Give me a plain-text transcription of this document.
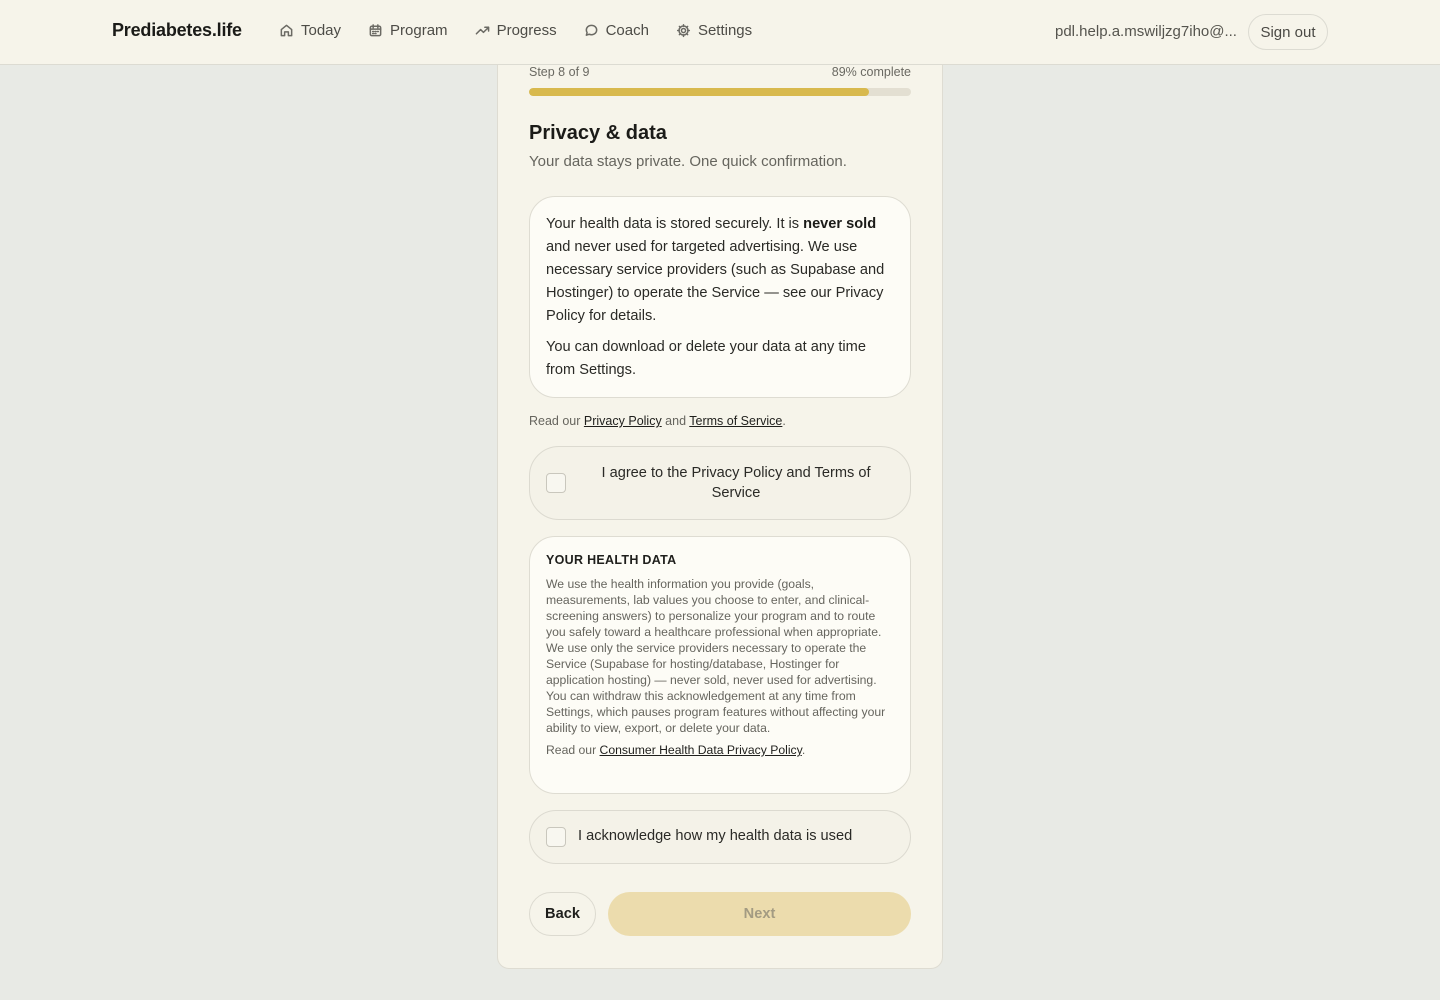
Prediabetes.life	Today	Program	Progress	Coach	Settings	pdl.help.a.mswiljzg7iho@...	Sign out
Step 8 of 9	89% complete
Privacy & data

Your data stays private. One quick confirmation.

Your health data is stored securely. It is never sold and never used for targeted advertising. We use necessary service providers (such as Supabase and Hostinger) to operate the Service — see our Privacy Policy for details.

You can download or delete your data at any time from Settings.

Read our Privacy Policy and Terms of Service.
I agree to the Privacy Policy and Terms of Service
YOUR HEALTH DATA
We use the health information you provide (goals, measurements, lab values you choose to enter, and clinical-screening answers) to personalize your program and to route you safely toward a healthcare professional when appropriate. We use only the service providers necessary to operate the Service (Supabase for hosting/database, Hostinger for application hosting) — never sold, never used for advertising. You can withdraw this acknowledgement at any time from Settings, which pauses program features without affecting your ability to view, export, or delete your data.
Read our Consumer Health Data Privacy Policy.
I acknowledge how my health data is used
Back	Next
